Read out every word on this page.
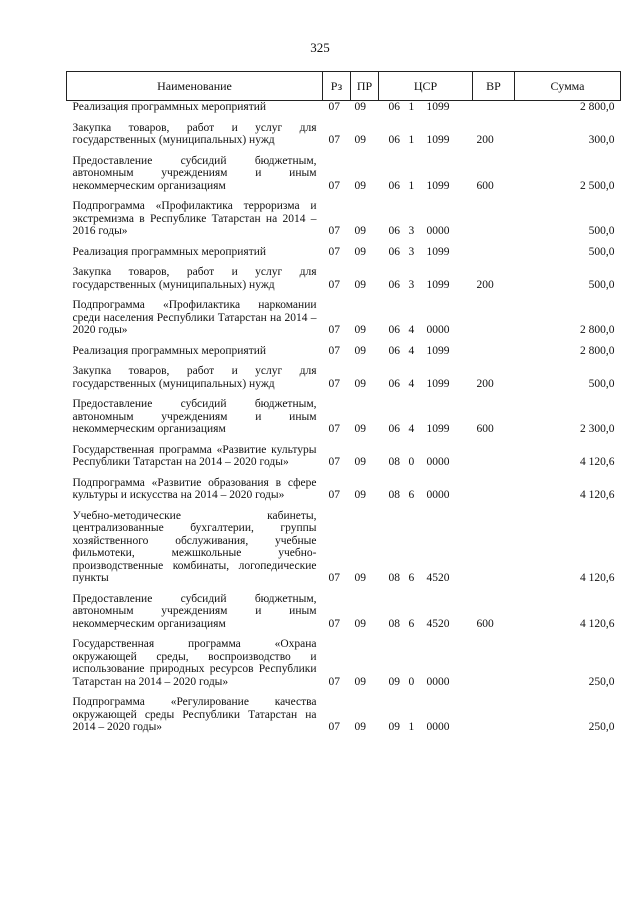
325
Наименование	Рз	ПР	ЦСР			ВР	Сумма
Реализация программных мероприятий	07	09	06	1	1099		2 800,0
Закупка товаров, работ и услуг для государственных (муниципальных) нужд	07	09	06	1	1099	200	300,0
Предоставление субсидий бюджетным, автономным учреждениям и иным некоммерческим организациям	07	09	06	1	1099	600	2 500,0
Подпрограмма «Профилактика терроризма и экстремизма в Республике Татарстан на 2014 – 2016 годы»	07	09	06	3	0000		500,0
Реализация программных мероприятий	07	09	06	3	1099		500,0
Закупка товаров, работ и услуг для государственных (муниципальных) нужд	07	09	06	3	1099	200	500,0
Подпрограмма «Профилактика наркомании среди населения Республики Татарстан на 2014 – 2020 годы»	07	09	06	4	0000		2 800,0
Реализация программных мероприятий	07	09	06	4	1099		2 800,0
Закупка товаров, работ и услуг для государственных (муниципальных) нужд	07	09	06	4	1099	200	500,0
Предоставление субсидий бюджетным, автономным учреждениям и иным некоммерческим организациям	07	09	06	4	1099	600	2 300,0
Государственная программа «Развитие культуры Республики Татарстан на 2014 – 2020 годы»	07	09	08	0	0000		4 120,6
Подпрограмма «Развитие образования в сфере культуры и искусства на 2014 – 2020 годы»	07	09	08	6	0000		4 120,6
Учебно-методические кабинеты, централизованные бухгалтерии, группы хозяйственного обслуживания, учебные фильмотеки, межшкольные учебно-производственные комбинаты, логопедические пункты	07	09	08	6	4520		4 120,6
Предоставление субсидий бюджетным, автономным учреждениям и иным некоммерческим организациям	07	09	08	6	4520	600	4 120,6
Государственная программа «Охрана окружающей среды, воспроизводство и использование природных ресурсов Республики Татарстан на 2014 – 2020 годы»	07	09	09	0	0000		250,0
Подпрограмма «Регулирование качества окружающей среды Республики Татарстан на 2014 – 2020 годы»	07	09	09	1	0000		250,0
